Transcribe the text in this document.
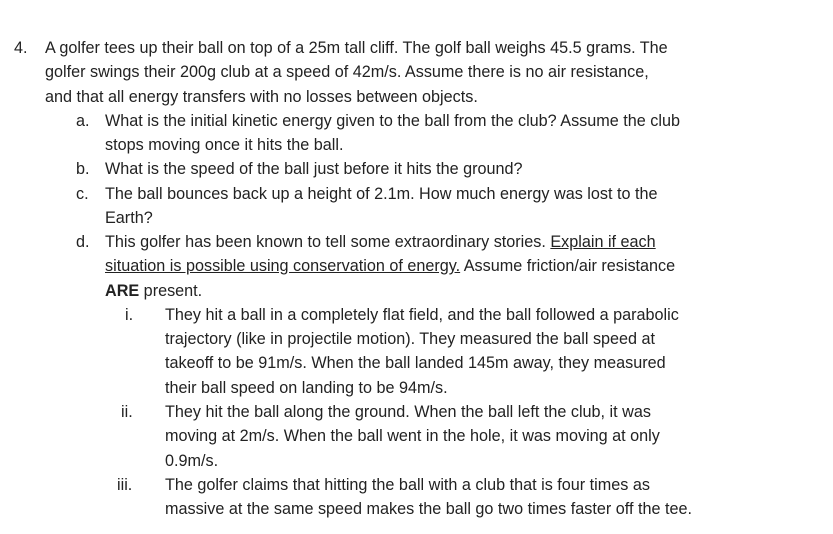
4. A golfer tees up their ball on top of a 25m tall cliff. The golf ball weighs 45.5 grams. The
golfer swings their 200g club at a speed of 42m/s. Assume there is no air resistance,
and that all energy transfers with no losses between objects.
a. What is the initial kinetic energy given to the ball from the club? Assume the club
stops moving once it hits the ball.
b. What is the speed of the ball just before it hits the ground?
c. The ball bounces back up a height of 2.1m. How much energy was lost to the
Earth?
d. This golfer has been known to tell some extraordinary stories. Explain if each
situation is possible using conservation of energy. Assume friction/air resistance
ARE present.
i. They hit a ball in a completely flat field, and the ball followed a parabolic
trajectory (like in projectile motion). They measured the ball speed at
takeoff to be 91m/s. When the ball landed 145m away, they measured
their ball speed on landing to be 94m/s.
ii. They hit the ball along the ground. When the ball left the club, it was
moving at 2m/s. When the ball went in the hole, it was moving at only
0.9m/s.
iii. The golfer claims that hitting the ball with a club that is four times as
massive at the same speed makes the ball go two times faster off the tee.
